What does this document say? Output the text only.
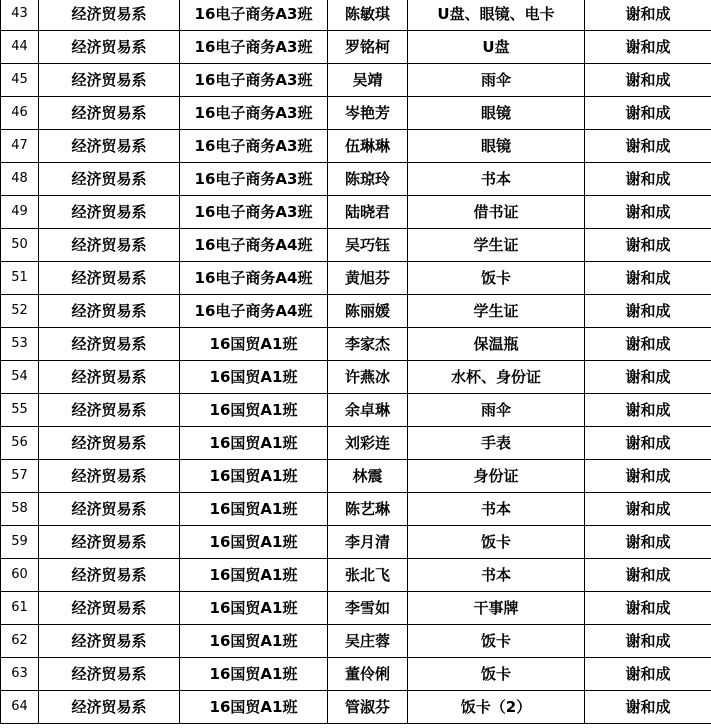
43	经济贸易系	16电子商务A3班	陈敏琪	U盘、眼镜、电卡	谢和成
44	经济贸易系	16电子商务A3班	罗铭柯	U盘	谢和成
45	经济贸易系	16电子商务A3班	吴靖	雨伞	谢和成
46	经济贸易系	16电子商务A3班	岑艳芳	眼镜	谢和成
47	经济贸易系	16电子商务A3班	伍琳琳	眼镜	谢和成
48	经济贸易系	16电子商务A3班	陈琼玲	书本	谢和成
49	经济贸易系	16电子商务A3班	陆晓君	借书证	谢和成
50	经济贸易系	16电子商务A4班	吴巧钰	学生证	谢和成
51	经济贸易系	16电子商务A4班	黄旭芬	饭卡	谢和成
52	经济贸易系	16电子商务A4班	陈丽媛	学生证	谢和成
53	经济贸易系	16国贸A1班	李家杰	保温瓶	谢和成
54	经济贸易系	16国贸A1班	许燕冰	水杯、身份证	谢和成
55	经济贸易系	16国贸A1班	余卓琳	雨伞	谢和成
56	经济贸易系	16国贸A1班	刘彩连	手表	谢和成
57	经济贸易系	16国贸A1班	林震	身份证	谢和成
58	经济贸易系	16国贸A1班	陈艺琳	书本	谢和成
59	经济贸易系	16国贸A1班	李月清	饭卡	谢和成
60	经济贸易系	16国贸A1班	张北飞	书本	谢和成
61	经济贸易系	16国贸A1班	李雪如	干事牌	谢和成
62	经济贸易系	16国贸A1班	吴庄蓉	饭卡	谢和成
63	经济贸易系	16国贸A1班	董伶俐	饭卡	谢和成
64	经济贸易系	16国贸A1班	管淑芬	饭卡（2）	谢和成
